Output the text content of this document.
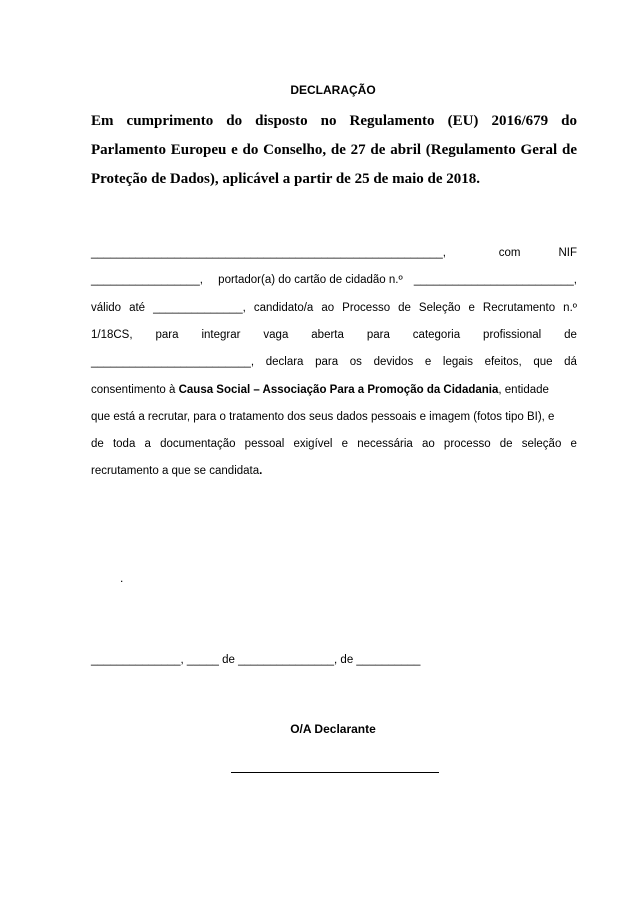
DECLARAÇÃO

Em cumprimento do disposto no Regulamento (EU) 2016/679 do Parlamento Europeu e do Conselho, de 27 de abril (Regulamento Geral de Proteção de Dados), aplicável a partir de 25 de maio de 2018.

_______________________________________________________,	com	NIF
_________________, portador(a) do cartão de cidadão n.º _________________________,
válido até ______________, candidato/a ao Processo de Seleção e Recrutamento n.º
1/18CS, para integrar vaga aberta para categoria profissional de
_________________________, declara para os devidos e legais efeitos, que dá
consentimento à Causa Social – Associação Para a Promoção da Cidadania, entidade
que está a recrutar, para o tratamento dos seus dados pessoais e imagem (fotos tipo BI), e
de toda a documentação pessoal exigível e necessária ao processo de seleção e
recrutamento a que se candidata.
.
______________, _____ de _______________, de __________
O/A Declarante
